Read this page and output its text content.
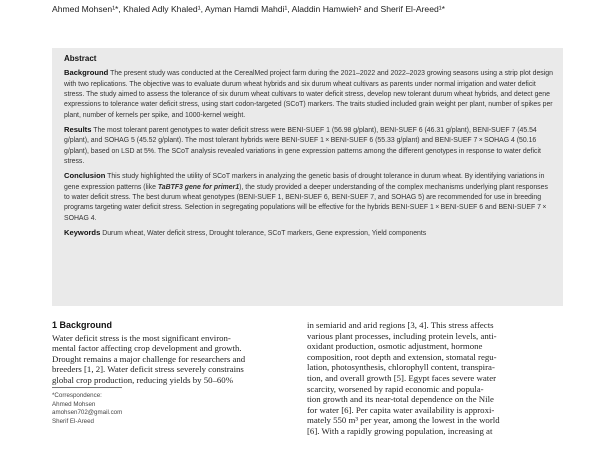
Ahmed Mohsen¹*, Khaled Adly Khaled¹, Ayman Hamdi Mahdi¹, Aladdin Hamwieh² and Sherif El-Areed¹*
Abstract

Background The present study was conducted at the CerealMed project farm during the 2021–2022 and 2022–2023 growing seasons using a strip plot design with two replications. The objective was to evaluate durum wheat hybrids and six durum wheat cultivars as parents under normal irrigation and water deficit stress. The study aimed to assess the tolerance of six durum wheat cultivars to water deficit stress, develop new tolerant durum wheat hybrids, and detect gene expressions to tolerance water deficit stress, using start codon-targeted (SCoT) markers. The traits studied included grain weight per plant, number of spikes per plant, number of kernels per spike, and 1000-kernel weight.

Results The most tolerant parent genotypes to water deficit stress were BENI-SUEF 1 (56.98 g/plant), BENI-SUEF 6 (46.31 g/plant), BENI-SUEF 7 (45.54 g/plant), and SOHAG 5 (45.52 g/plant). The most tolerant hybrids were BENI-SUEF 1 × BENI-SUEF 6 (55.33 g/plant) and BENI-SUEF 7 × SOHAG 4 (50.16 g/plant), based on LSD at 5%. The SCoT analysis revealed variations in gene expression patterns among the different genotypes in response to water deficit stress.

Conclusion This study highlighted the utility of SCoT markers in analyzing the genetic basis of drought tolerance in durum wheat. By identifying variations in gene expression patterns (like TaBTF3 gene for primer1), the study provided a deeper understanding of the complex mechanisms underlying plant responses to water deficit stress. The best durum wheat genotypes (BENI-SUEF 1, BENI-SUEF 6, BENI-SUEF 7, and SOHAG 5) are recommended for use in breeding programs targeting water deficit stress. Selection in segregating populations will be effective for the hybrids BENI-SUEF 1 × BENI-SUEF 6 and BENI-SUEF 7 × SOHAG 4.

Keywords Durum wheat, Water deficit stress, Drought tolerance, SCoT markers, Gene expression, Yield components

1 Background
Water deficit stress is the most significant environ-
mental factor affecting crop development and growth.
Drought remains a major challenge for researchers and
breeders [1, 2]. Water deficit stress severely constrains
global crop production, reducing yields by 50–60%
in semiarid and arid regions [3, 4]. This stress affects
various plant processes, including protein levels, anti-
oxidant production, osmotic adjustment, hormone
composition, root depth and extension, stomatal regu-
lation, photosynthesis, chlorophyll content, transpira-
tion, and overall growth [5]. Egypt faces severe water
scarcity, worsened by rapid economic and popula-
tion growth and its near-total dependence on the Nile
for water [6]. Per capita water availability is approxi-
mately 550 m³ per year, among the lowest in the world
[6]. With a rapidly growing population, increasing at
*Correspondence:
Ahmed Mohsen
amohsen702@gmail.com
Sherif El-Areed
